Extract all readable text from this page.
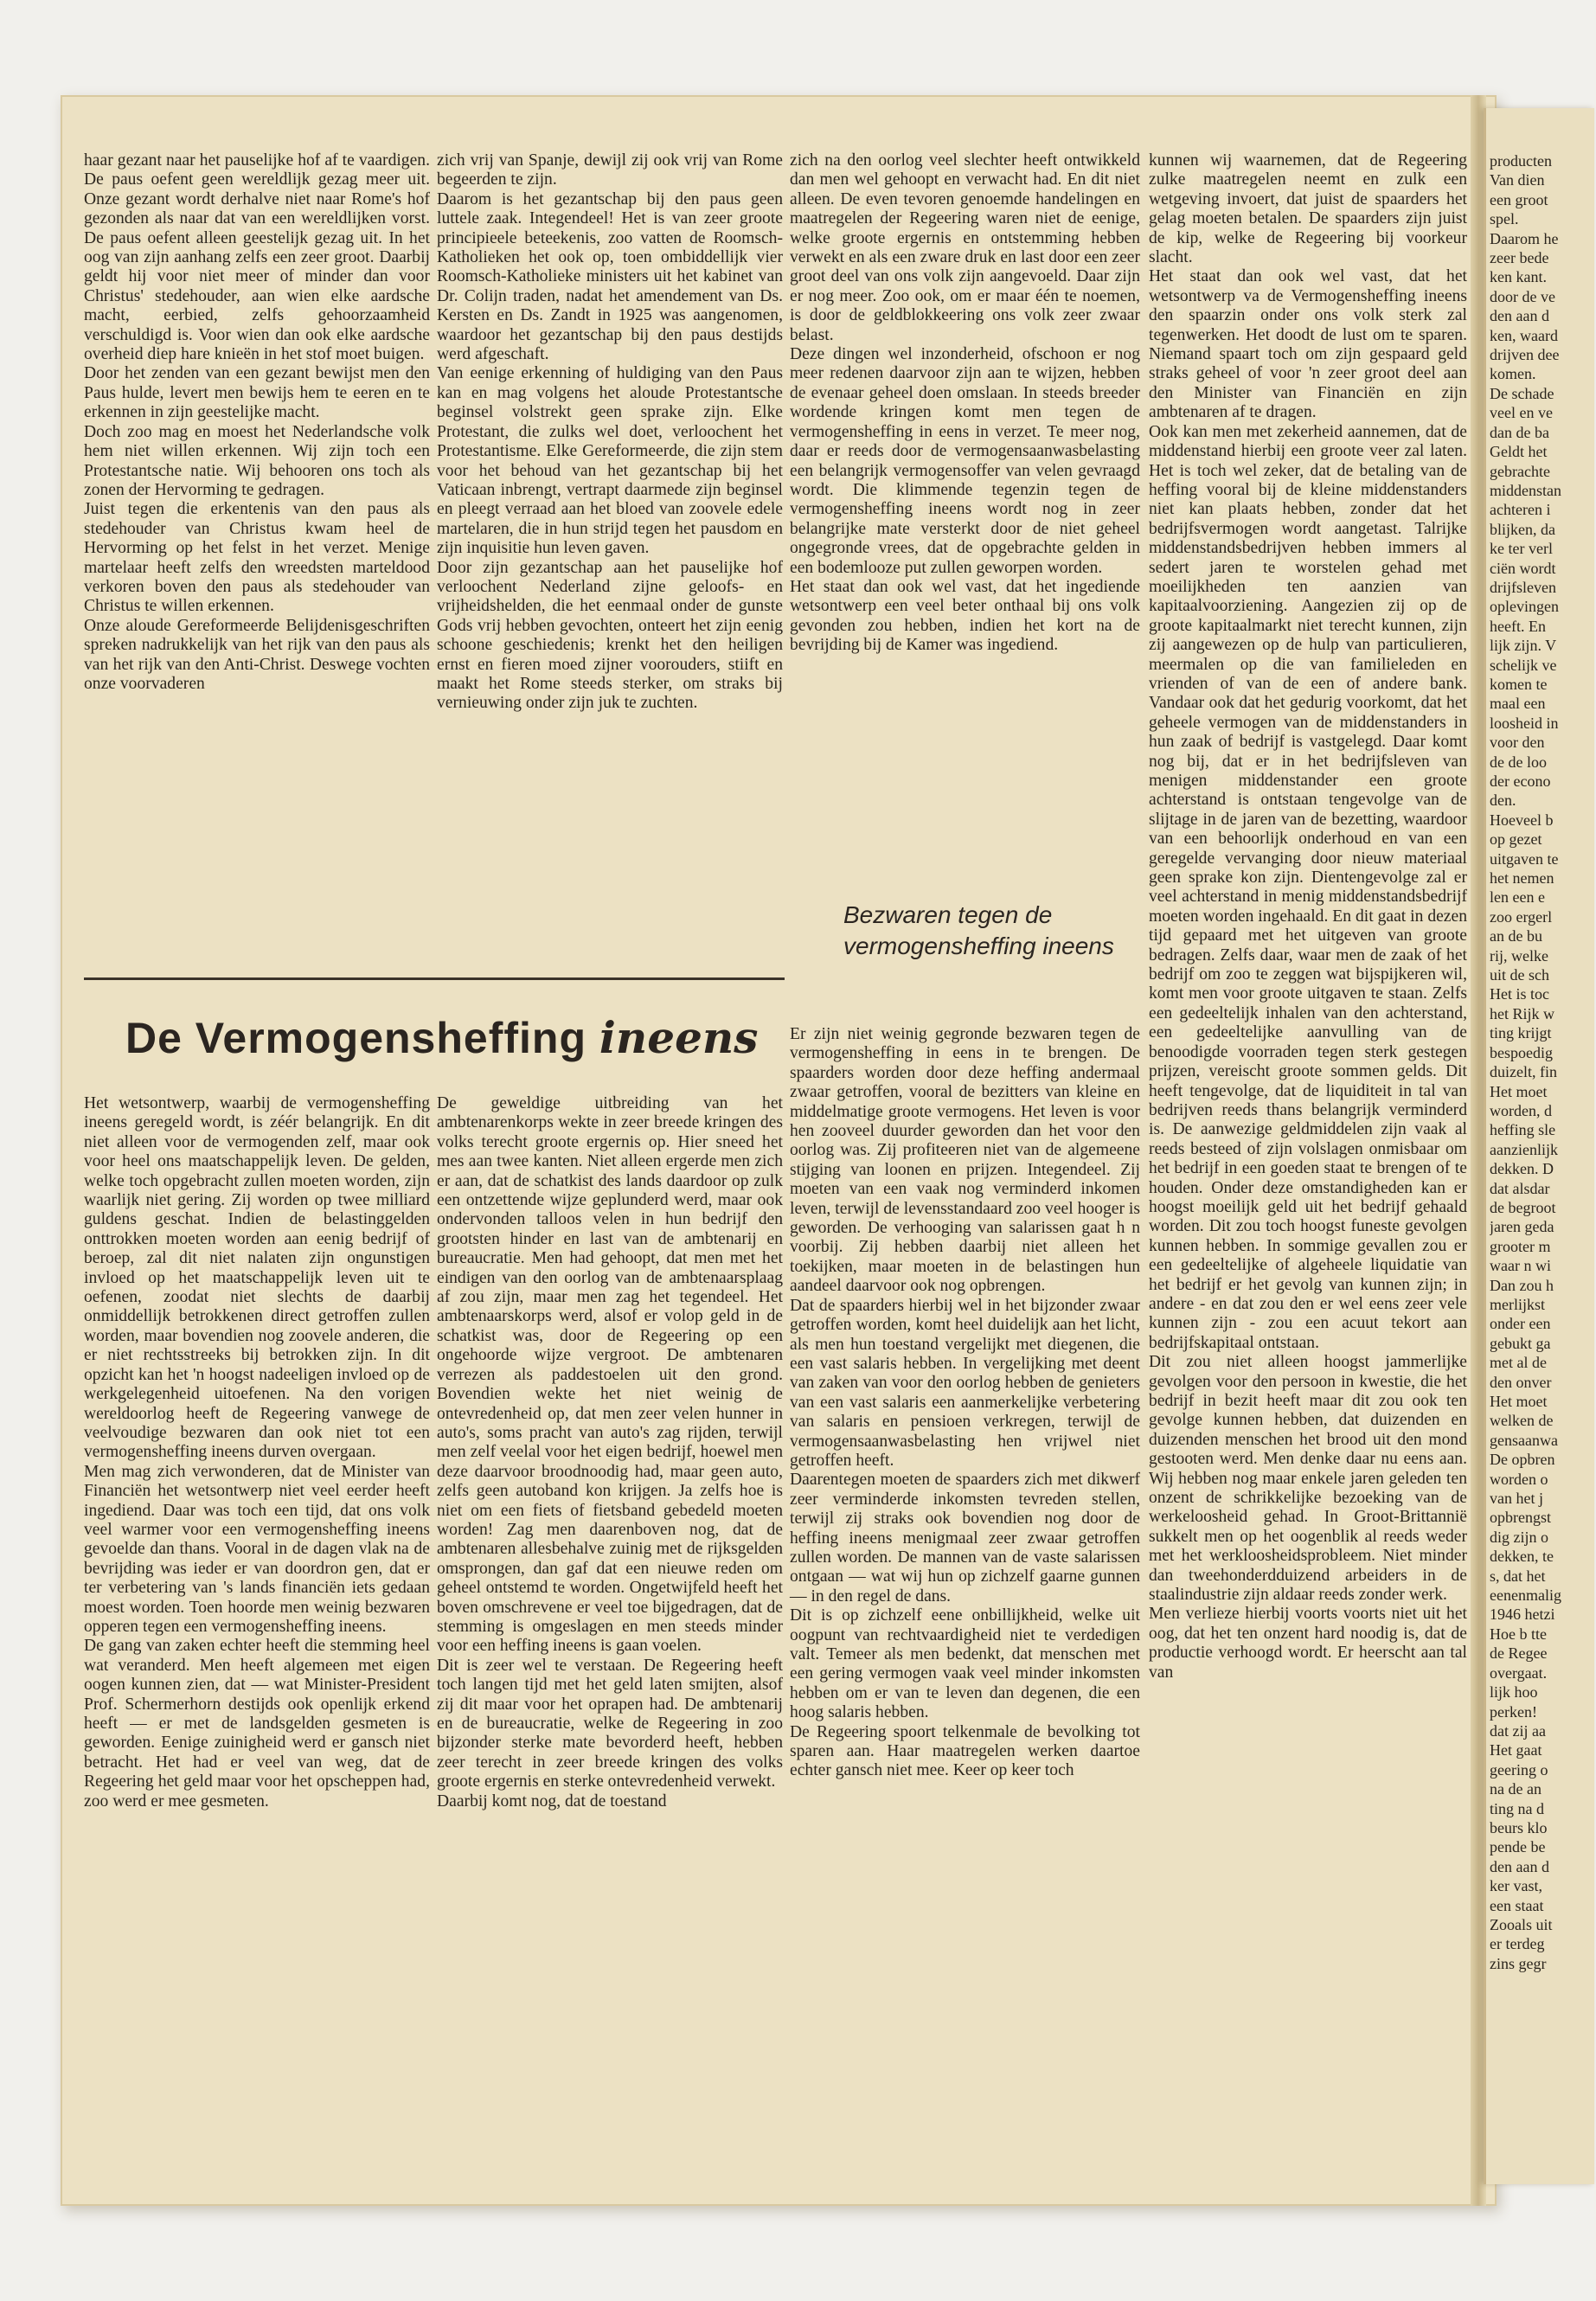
haar gezant naar het pauselijke hof af te vaardigen. De paus oefent geen wereldlijk gezag meer uit. Onze gezant wordt derhalve niet naar Rome's hof gezonden als naar dat van een wereldlijken vorst. De paus oefent alleen geestelijk gezag uit. In het oog van zijn aanhang zelfs een zeer groot. Daarbij geldt hij voor niet meer of minder dan voor Christus' stedehouder, aan wien elke aardsche macht, eerbied, zelfs gehoorzaamheid verschuldigd is. Voor wien dan ook elke aardsche overheid diep hare knieën in het stof moet buigen.

Door het zenden van een gezant bewijst men den Paus hulde, levert men bewijs hem te eeren en te erkennen in zijn geestelijke macht.

Doch zoo mag en moest het Nederlandsche volk hem niet willen erkennen. Wij zijn toch een Protestantsche natie. Wij behooren ons toch als zonen der Hervorming te gedragen.

Juist tegen die erkentenis van den paus als stedehouder van Christus kwam heel de Hervorming op het felst in het verzet. Menige martelaar heeft zelfs den wreedsten marteldood verkoren boven den paus als stedehouder van Christus te willen erkennen.

Onze aloude Gereformeerde Belijdenisgeschriften spreken nadrukkelijk van het rijk van den paus als van het rijk van den Anti-Christ. Deswege vochten onze voorvaderen

zich vrij van Spanje, dewijl zij ook vrij van Rome begeerden te zijn.

Daarom is het gezantschap bij den paus geen luttele zaak. Integendeel! Het is van zeer groote principieele beteekenis, zoo vatten de Roomsch-Katholieken het ook op, toen ombiddellijk vier Roomsch-Katholieke ministers uit het kabinet van Dr. Colijn traden, nadat het amendement van Ds. Kersten en Ds. Zandt in 1925 was aangenomen, waardoor het gezantschap bij den paus destijds werd afgeschaft.

Van eenige erkenning of huldiging van den Paus kan en mag volgens het aloude Protestantsche beginsel volstrekt geen sprake zijn. Elke Protestant, die zulks wel doet, verloochent het Protestantisme. Elke Gereformeerde, die zijn stem voor het behoud van het gezantschap bij het Vaticaan inbrengt, vertrapt daarmede zijn beginsel en pleegt verraad aan het bloed van zoovele edele martelaren, die in hun strijd tegen het pausdom en zijn inquisitie hun leven gaven.

Door zijn gezantschap aan het pauselijke hof verloochent Nederland zijne geloofs- en vrijheidshelden, die het eenmaal onder de gunste Gods vrij hebben gevochten, onteert het zijn eenig schoone geschiedenis; krenkt het den heiligen ernst en fieren moed zijner voorouders, stiift en maakt het Rome steeds sterker, om straks bij vernieuwing onder zijn juk te zuchten.

De Vermogensheffing ineens

Het wetsontwerp, waarbij de vermogensheffing ineens geregeld wordt, is zéér belangrijk. En dit niet alleen voor de vermogenden zelf, maar ook voor heel ons maatschappelijk leven. De gelden, welke toch opgebracht zullen moeten worden, zijn waarlijk niet gering. Zij worden op twee milliard guldens geschat. Indien de belastinggelden onttrokken moeten worden aan eenig bedrijf of beroep, zal dit niet nalaten zijn ongunstigen invloed op het maatschappelijk leven uit te oefenen, zoodat niet slechts de daarbij onmiddellijk betrokkenen direct getroffen zullen worden, maar bovendien nog zoovele anderen, die er niet rechtsstreeks bij betrokken zijn. In dit opzicht kan het 'n hoogst nadeeligen invloed op de werkgelegenheid uitoefenen. Na den vorigen wereldoorlog heeft de Regeering vanwege de veelvoudige bezwaren dan ook niet tot een vermogensheffing ineens durven overgaan.

Men mag zich verwonderen, dat de Minister van Financiën het wetsontwerp niet veel eerder heeft ingediend. Daar was toch een tijd, dat ons volk veel warmer voor een vermogensheffing ineens gevoelde dan thans. Vooral in de dagen vlak na de bevrijding was ieder er van doordron gen, dat er ter verbetering van 's lands financiën iets gedaan moest worden. Toen hoorde men weinig bezwaren opperen tegen een vermogensheffing ineens.

De gang van zaken echter heeft die stemming heel wat veranderd. Men heeft algemeen met eigen oogen kunnen zien, dat — wat Minister-President Prof. Schermerhorn destijds ook openlijk erkend heeft — er met de landsgelden gesmeten is geworden. Eenige zuinigheid werd er gansch niet betracht. Het had er veel van weg, dat de Regeering het geld maar voor het opscheppen had, zoo werd er mee gesmeten.

De geweldige uitbreiding van het ambtenarenkorps wekte in zeer breede kringen des volks terecht groote ergernis op. Hier sneed het mes aan twee kanten. Niet alleen ergerde men zich er aan, dat de schatkist des lands daardoor op zulk een ontzettende wijze geplunderd werd, maar ook ondervonden talloos velen in hun bedrijf den grootsten hinder en last van de ambtenarij en bureaucratie. Men had gehoopt, dat men met het eindigen van den oorlog van de ambtenaarsplaag af zou zijn, maar men zag het tegendeel. Het ambtenaarskorps werd, alsof er volop geld in de schatkist was, door de Regeering op een ongehoorde wijze vergroot. De ambtenaren verrezen als paddestoelen uit den grond. Bovendien wekte het niet weinig de ontevredenheid op, dat men zeer velen hunner in auto's, soms pracht van auto's zag rijden, terwijl men zelf veelal voor het eigen bedrijf, hoewel men deze daarvoor broodnoodig had, maar geen auto, zelfs geen autoband kon krijgen. Ja zelfs hoe is niet om een fiets of fietsband gebedeld moeten worden! Zag men daarenboven nog, dat de ambtenaren allesbehalve zuinig met de rijksgelden omsprongen, dan gaf dat een nieuwe reden om geheel ontstemd te worden. Ongetwijfeld heeft het boven omschrevene er veel toe bijgedragen, dat de stemming is omgeslagen en men steeds minder voor een heffing ineens is gaan voelen.

Dit is zeer wel te verstaan. De Regeering heeft toch langen tijd met het geld laten smijten, alsof zij dit maar voor het oprapen had. De ambtenarij en de bureaucratie, welke de Regeering in zoo bijzonder sterke mate bevorderd heeft, hebben zeer terecht in zeer breede kringen des volks groote ergernis en sterke ontevredenheid verwekt.

Daarbij komt nog, dat de toestand

zich na den oorlog veel slechter heeft ontwikkeld dan men wel gehoopt en verwacht had. En dit niet alleen. De even tevoren genoemde handelingen en maatregelen der Regeering waren niet de eenige, welke groote ergernis en ontstemming hebben verwekt en als een zware druk en last door een zeer groot deel van ons volk zijn aangevoeld. Daar zijn er nog meer. Zoo ook, om er maar één te noemen, is door de geldblokkeering ons volk zeer zwaar belast.

Deze dingen wel inzonderheid, ofschoon er nog meer redenen daarvoor zijn aan te wijzen, hebben de evenaar geheel doen omslaan. In steeds breeder wordende kringen komt men tegen de vermogensheffing in eens in verzet. Te meer nog, daar er reeds door de vermogensaanwasbelasting een belangrijk vermogensoffer van velen gevraagd wordt. Die klimmende tegenzin tegen de vermogensheffing ineens wordt nog in zeer belangrijke mate versterkt door de niet geheel ongegronde vrees, dat de opgebrachte gelden in een bodemlooze put zullen geworpen worden.

Het staat dan ook wel vast, dat het ingediende wetsontwerp een veel beter onthaal bij ons volk gevonden zou hebben, indien het kort na de bevrijding bij de Kamer was ingediend.

Bezwaren tegen de vermogensheffing ineens

Er zijn niet weinig gegronde bezwaren tegen de vermogensheffing in eens in te brengen. De spaarders worden door deze heffing andermaal zwaar getroffen, vooral de bezitters van kleine en middelmatige groote vermogens. Het leven is voor hen zooveel duurder geworden dan het voor den oorlog was. Zij profiteeren niet van de algemeene stijging van loonen en prijzen. Integendeel. Zij moeten van een vaak nog verminderd inkomen leven, terwijl de levensstandaard zoo veel hooger is geworden. De verhooging van salarissen gaat h n voorbij. Zij hebben daarbij niet alleen het toekijken, maar moeten in de belastingen hun aandeel daarvoor ook nog opbrengen.

Dat de spaarders hierbij wel in het bijzonder zwaar getroffen worden, komt heel duidelijk aan het licht, als men hun toestand vergelijkt met diegenen, die een vast salaris hebben. In vergelijking met deent van zaken van voor den oorlog hebben de genieters van een vast salaris een aanmerkelijke verbetering van salaris en pensioen verkregen, terwijl de vermogensaanwasbelasting hen vrijwel niet getroffen heeft.

Daarentegen moeten de spaarders zich met dikwerf zeer verminderde inkomsten tevreden stellen, terwijl zij straks ook bovendien nog door de heffing ineens menigmaal zeer zwaar getroffen zullen worden. De mannen van de vaste salarissen ontgaan — wat wij hun op zichzelf gaarne gunnen — in den regel de dans.

Dit is op zichzelf eene onbillijkheid, welke uit oogpunt van rechtvaardigheid niet te verdedigen valt. Temeer als men bedenkt, dat menschen met een gering vermogen vaak veel minder inkomsten hebben om er van te leven dan degenen, die een hoog salaris hebben.

De Regeering spoort telkenmale de bevolking tot sparen aan. Haar maatregelen werken daartoe echter gansch niet mee. Keer op keer toch

kunnen wij waarnemen, dat de Regeering zulke maatregelen neemt en zulk een wetgeving invoert, dat juist de spaarders het gelag moeten betalen. De spaarders zijn juist de kip, welke de Regeering bij voorkeur slacht.

Het staat dan ook wel vast, dat het wetsontwerp va de Vermogensheffing ineens den spaarzin onder ons volk sterk zal tegenwerken. Het doodt de lust om te sparen. Niemand spaart toch om zijn gespaard geld straks geheel of voor 'n zeer groot deel aan den Minister van Financiën en zijn ambtenaren af te dragen.

Ook kan men met zekerheid aannemen, dat de middenstand hierbij een groote veer zal laten. Het is toch wel zeker, dat de betaling van de heffing vooral bij de kleine middenstanders niet kan plaats hebben, zonder dat het bedrijfsvermogen wordt aangetast. Talrijke middenstandsbedrijven hebben immers al sedert jaren te worstelen gehad met moeilijkheden ten aanzien van kapitaalvoorziening. Aangezien zij op de groote kapitaalmarkt niet terecht kunnen, zijn zij aangewezen op de hulp van particulieren, meermalen op die van familieleden en vrienden of van de een of andere bank. Vandaar ook dat het gedurig voorkomt, dat het geheele vermogen van de middenstanders in hun zaak of bedrijf is vastgelegd. Daar komt nog bij, dat er in het bedrijfsleven van menigen middenstander een groote achterstand is ontstaan tengevolge van de slijtage in de jaren van de bezetting, waardoor van een behoorlijk onderhoud en van een geregelde vervanging door nieuw materiaal geen sprake kon zijn. Dientengevolge zal er veel achterstand in menig middenstandsbedrijf moeten worden ingehaald. En dit gaat in dezen tijd gepaard met het uitgeven van groote bedragen. Zelfs daar, waar men de zaak of het bedrijf om zoo te zeggen wat bijspijkeren wil, komt men voor groote uitgaven te staan. Zelfs een gedeeltelijk inhalen van den achterstand, een gedeeltelijke aanvulling van de benoodigde voorraden tegen sterk gestegen prijzen, vereischt groote sommen gelds. Dit heeft tengevolge, dat de liquiditeit in tal van bedrijven reeds thans belangrijk verminderd is. De aanwezige geldmiddelen zijn vaak al reeds besteed of zijn volslagen onmisbaar om het bedrijf in een goeden staat te brengen of te houden. Onder deze omstandigheden kan er hoogst moeilijk geld uit het bedrijf gehaald worden. Dit zou toch hoogst funeste gevolgen kunnen hebben. In sommige gevallen zou er een gedeeltelijke of algeheele liquidatie van het bedrijf er het gevolg van kunnen zijn; in andere - en dat zou den er wel eens zeer vele kunnen zijn - zou een acuut tekort aan bedrijfskapitaal ontstaan.

Dit zou niet alleen hoogst jammerlijke gevolgen voor den persoon in kwestie, die het bedrijf in bezit heeft maar dit zou ook ten gevolge kunnen hebben, dat duizenden en duizenden menschen het brood uit den mond gestooten werd. Men denke daar nu eens aan. Wij hebben nog maar enkele jaren geleden ten onzent de schrikkelijke bezoeking van de werkeloosheid gehad. In Groot-Brittannië sukkelt men op het oogenblik al reeds weder met het werkloosheidsprobleem. Niet minder dan tweehonderdduizend arbeiders in de staalindustrie zijn aldaar reeds zonder werk.

Men verlieze hierbij voorts voorts niet uit het oog, dat het ten onzent hard noodig is, dat de productie verhoogd wordt. Er heerscht aan tal van

producten
Van dien
een groot
spel.
Daarom he
zeer bede
ken kant.
door de ve
den aan d
ken, waard
drijven dee
komen.
De schade
veel en ve
dan de ba
Geldt het
gebrachte
middenstan
achteren i
blijken, da
ke ter verl
ciën wordt
drijfsleven
oplevingen
heeft. En
lijk zijn. V
schelijk ve
komen te
maal een
loosheid in
voor den
de de loo
der econo
den.
Hoeveel b
op gezet
uitgaven te
het nemen
len een e
zoo ergerl
an de bu
rij, welke
uit de sch
Het is toc
het Rijk w
ting krijgt
bespoedig
duizelt, fin
Het moet
worden, d
heffing sle
aanzienlijk
dekken. D
dat alsdar
de begroot
jaren geda
grooter m
waar n wi
Dan zou h
merlijkst
onder een
gebukt ga
met al de
den onver
Het moet
welken de
gensaanwa
De opbren
worden o
van het j
opbrengst
dig zijn o
dekken, te
s, dat het
eenenmalig
1946 hetzi
Hoe b tte
de Regee
overgaat.
lijk hoo
perken!
dat zij aa
Het gaat
geering o
na de an
ting na d
beurs klo
pende be
den aan d
ker vast,
een staat
Zooals uit
er terdeg
zins gegr
